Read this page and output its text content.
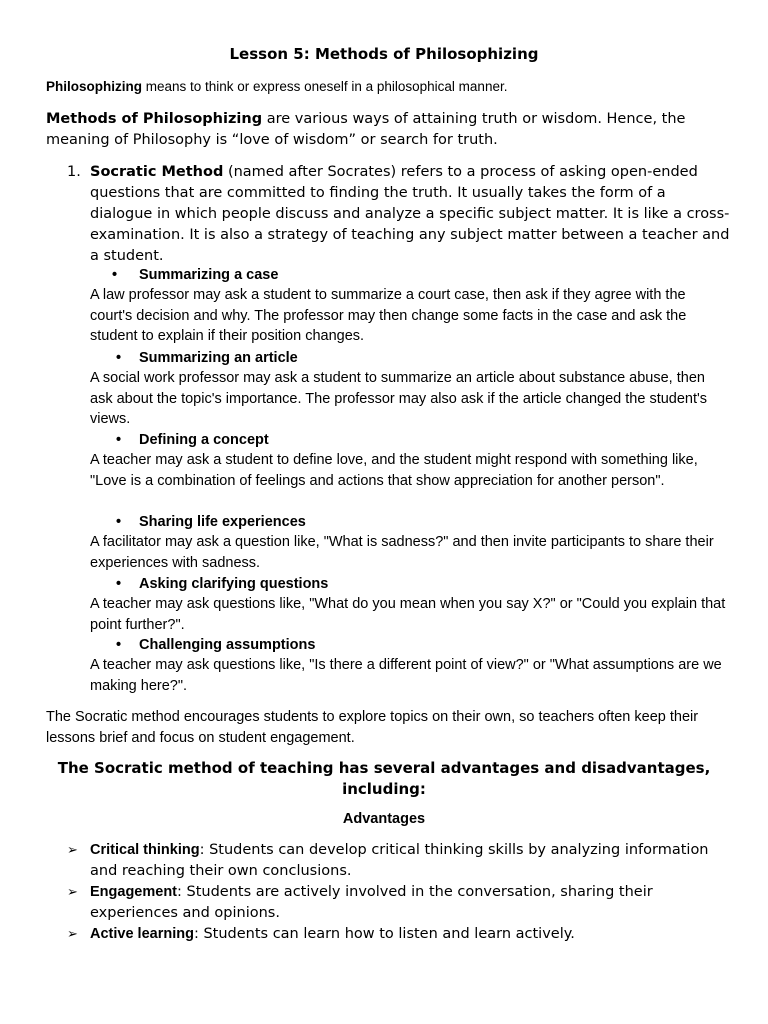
Lesson 5: Methods of Philosophizing
Philosophizing means to think or express oneself in a philosophical manner.
Methods of Philosophizing are various ways of attaining truth or wisdom. Hence, the meaning of Philosophy is “love of wisdom” or search for truth.
1. Socratic Method (named after Socrates) refers to a process of asking open-ended questions that are committed to finding the truth. It usually takes the form of a dialogue in which people discuss and analyze a specific subject matter. It is like a cross-examination. It is also a strategy of teaching any subject matter between a teacher and a student.
• Summarizing a case
A law professor may ask a student to summarize a court case, then ask if they agree with the court's decision and why. The professor may then change some facts in the case and ask the student to explain if their position changes.
• Summarizing an article
A social work professor may ask a student to summarize an article about substance abuse, then ask about the topic's importance. The professor may also ask if the article changed the student's views.
• Defining a concept
A teacher may ask a student to define love, and the student might respond with something like, "Love is a combination of feelings and actions that show appreciation for another person".
• Sharing life experiences
A facilitator may ask a question like, "What is sadness?" and then invite participants to share their experiences with sadness.
• Asking clarifying questions
A teacher may ask questions like, "What do you mean when you say X?" or "Could you explain that point further?".
• Challenging assumptions
A teacher may ask questions like, "Is there a different point of view?" or "What assumptions are we making here?".
The Socratic method encourages students to explore topics on their own, so teachers often keep their lessons brief and focus on student engagement.
The Socratic method of teaching has several advantages and disadvantages, including:
Advantages
➢ Critical thinking: Students can develop critical thinking skills by analyzing information and reaching their own conclusions.
➢ Engagement: Students are actively involved in the conversation, sharing their experiences and opinions.
➢ Active learning: Students can learn how to listen and learn actively.
